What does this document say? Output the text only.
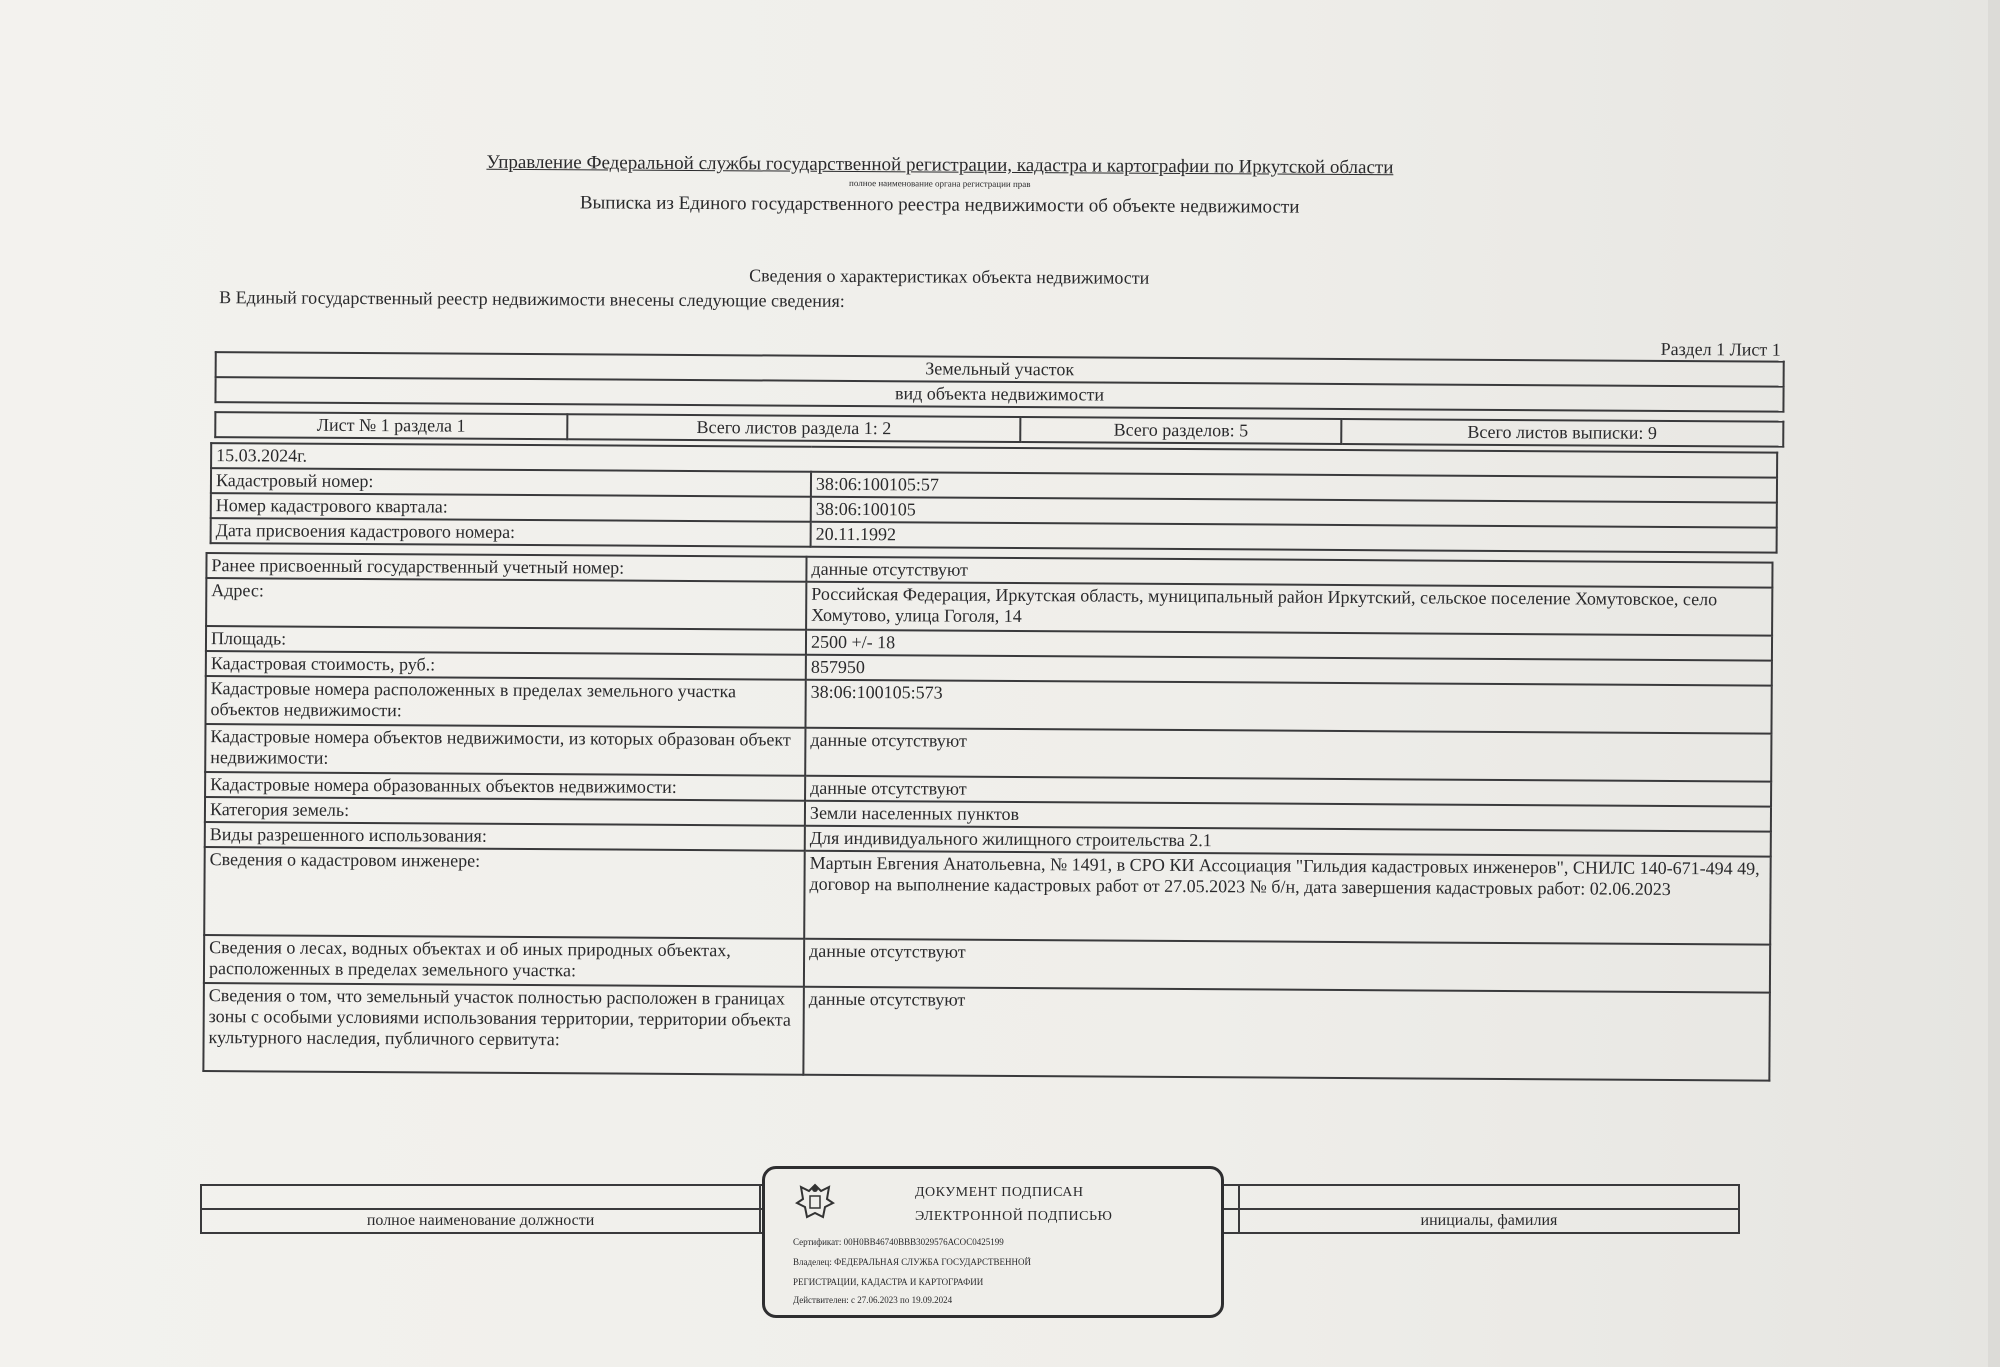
Управление Федеральной службы государственной регистрации, кадастра и картографии по Иркутской области
полное наименование органа регистрации прав
Выписка из Единого государственного реестра недвижимости об объекте недвижимости
Сведения о характеристиках объекта недвижимости
В Единый государственный реестр недвижимости внесены следующие сведения:
Раздел 1 Лист 1
Земельный участок
вид объекта недвижимости
Лист № 1 раздела 1	Всего листов раздела 1: 2	Всего разделов: 5	Всего листов выписки: 9
15.03.2024г.	
Кадастровый номер:	38:06:100105:57
Номер кадастрового квартала:	38:06:100105
Дата присвоения кадастрового номера:	20.11.1992
Ранее присвоенный государственный учетный номер:	данные отсутствуют
Адрес:	Российская Федерация, Иркутская область, муниципальный район Иркутский, сельское поселение Хомутовское, село Хомутово, улица Гоголя, 14
Площадь:	2500 +/- 18
Кадастровая стоимость, руб.:	857950
Кадастровые номера расположенных в пределах земельного участка объектов недвижимости:	38:06:100105:573
Кадастровые номера объектов недвижимости, из которых образован объект недвижимости:	данные отсутствуют
Кадастровые номера образованных объектов недвижимости:	данные отсутствуют
Категория земель:	Земли населенных пунктов
Виды разрешенного использования:	Для индивидуального жилищного строительства 2.1
Сведения о кадастровом инженере:	Мартын Евгения Анатольевна, № 1491, в СРО КИ Ассоциация "Гильдия кадастровых инженеров", СНИЛС 140-671-494 49, договор на выполнение кадастровых работ от 27.05.2023 № б/н, дата завершения кадастровых работ: 02.06.2023
Сведения о лесах, водных объектах и об иных природных объектах, расположенных в пределах земельного участка:	данные отсутствуют
Сведения о том, что земельный участок полностью расположен в границах зоны с особыми условиями использования территории, территории объекта культурного наследия, публичного сервитута:	данные отсутствуют

полное наименование должности		инициалы, фамилия
ДОКУМЕНТ ПОДПИСАН
ЭЛЕКТРОННОЙ ПОДПИСЬЮ
Сертификат: 00Н0ВВ46740ВВВ3029576АСОС0425199
Владелец: ФЕДЕРАЛЬНАЯ СЛУЖБА ГОСУДАРСТВЕННОЙ
РЕГИСТРАЦИИ, КАДАСТРА И КАРТОГРАФИИ
Действителен: с 27.06.2023 по 19.09.2024
